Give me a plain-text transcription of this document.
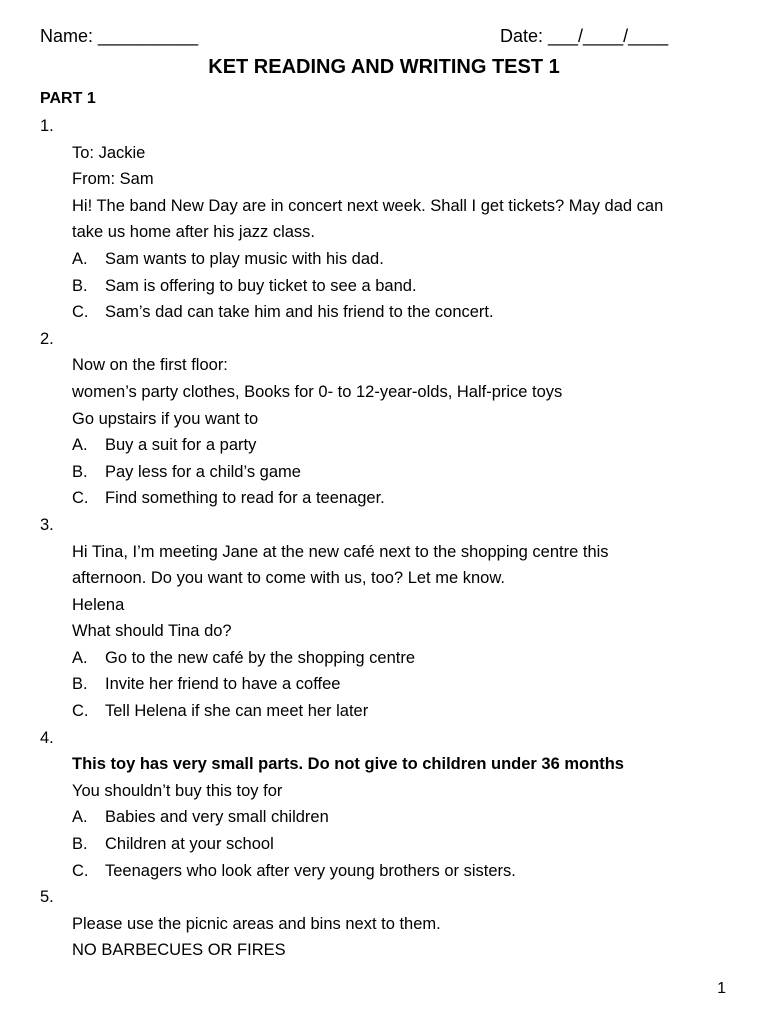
Name: __________	Date: ___/____/____
KET READING AND WRITING TEST 1
PART 1
1.
To: Jackie
From: Sam
Hi! The band New Day are in concert next week. Shall I get tickets? May dad can
take us home after his jazz class.
A.	Sam wants to play music with his dad.
B.	Sam is offering to buy ticket to see a band.
C.	Sam’s dad can take him and his friend to the concert.
2.
Now on the first floor:
women’s party clothes, Books for 0- to 12-year-olds, Half-price toys
Go upstairs if you want to
A.	Buy a suit for a party
B.	Pay less for a child’s game
C.	Find something to read for a teenager.
3.
Hi Tina, I’m meeting Jane at the new café next to the shopping centre this
afternoon. Do you want to come with us, too? Let me know.
Helena
What should Tina do?
A.	Go to the new café by the shopping centre
B.	Invite her friend to have a coffee
C.	Tell Helena if she can meet her later
4.
This toy has very small parts. Do not give to children under 36 months
You shouldn’t buy this toy for
A.	Babies and very small children
B.	Children at your school
C.	Teenagers who look after very young brothers or sisters.
5.
Please use the picnic areas and bins next to them.
NO BARBECUES OR FIRES
1
